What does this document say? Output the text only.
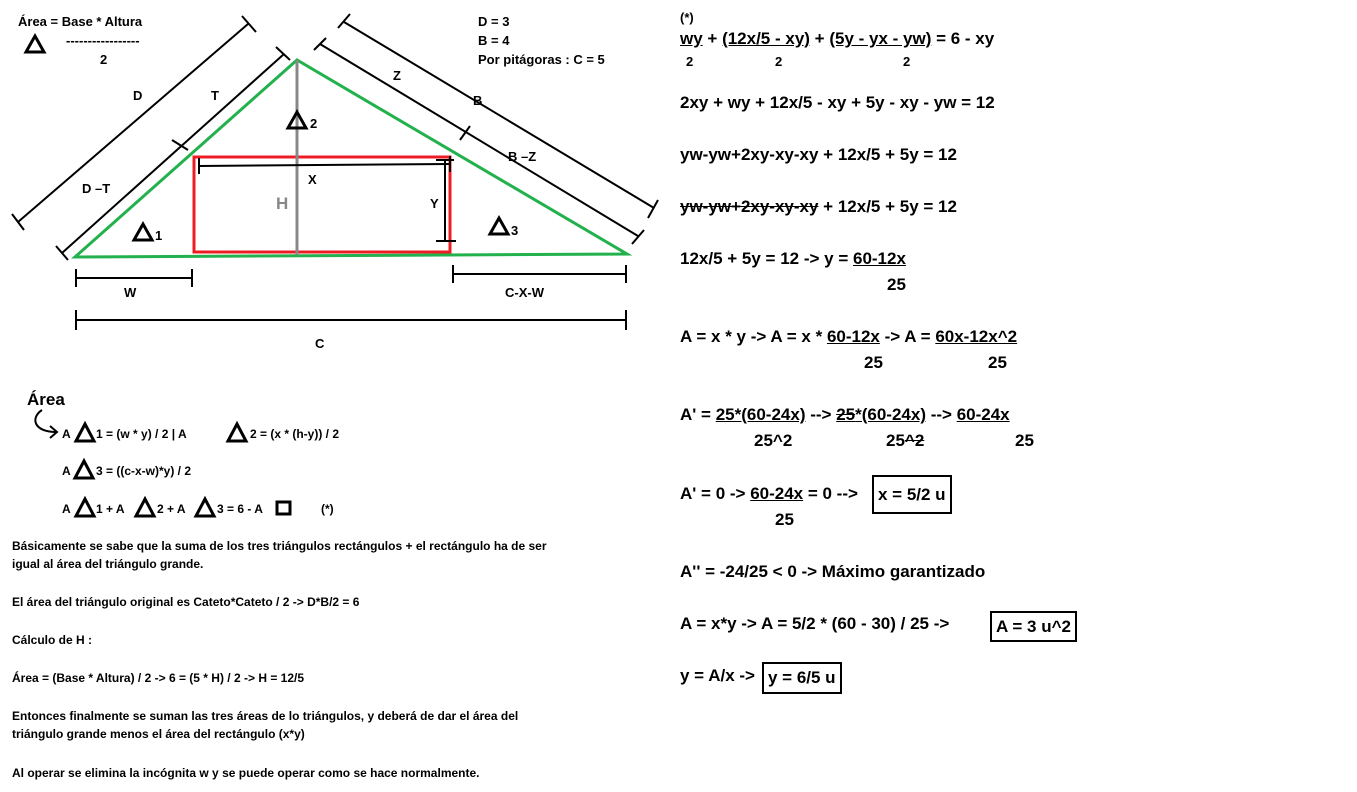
Área = Base * Altura
-----------------
2
D = 3
B = 4
Por pitágoras : C = 5
D	T
D –T
Z
B
B –Z
X
Y
H
W	C-X-W
C
1
2
3
Área
A 1 = (w * y) / 2 | A	2 = (x * (h-y)) / 2
A 3 = ((c-x-w)*y) / 2
A 1 + A	2 + A	3 = 6 - A	(*)
Básicamente se sabe que la suma de los tres triángulos rectángulos + el rectángulo ha de ser
igual al área del triángulo grande.
El área del triángulo original es Cateto*Cateto / 2 -> D*B/2 = 6
Cálculo de H :
Área = (Base * Altura) / 2 -> 6 = (5 * H) / 2 -> H = 12/5
Entonces finalmente se suman las tres áreas de lo triángulos, y deberá de dar el área del
triángulo grande menos el área del rectángulo (x*y)
Al operar se elimina la incógnita w y se puede operar como se hace normalmente.
(*)
wy + (12x/5 - xy) + (5y - yx - yw) = 6 - xy
2	2	2
2xy + wy + 12x/5 - xy + 5y - xy - yw = 12
yw-yw+2xy-xy-xy + 12x/5 + 5y = 12
yw-yw+2xy-xy-xy + 12x/5 + 5y = 12
12x/5 + 5y = 12 -> y = 60-12x
25
A = x * y -> A = x * 60-12x -> A = 60x-12x^2
25	25
A' = 25*(60-24x) --> 25*(60-24x) --> 60-24x
25^2	25^2	25
A' = 0 -> 60-24x = 0 -->	x = 5/2 u
25
A'' = -24/25 < 0 -> Máximo garantizado
A = x*y -> A = 5/2 * (60 - 30) / 25 ->	A = 3 u^2
y = A/x -> y = 6/5 u
